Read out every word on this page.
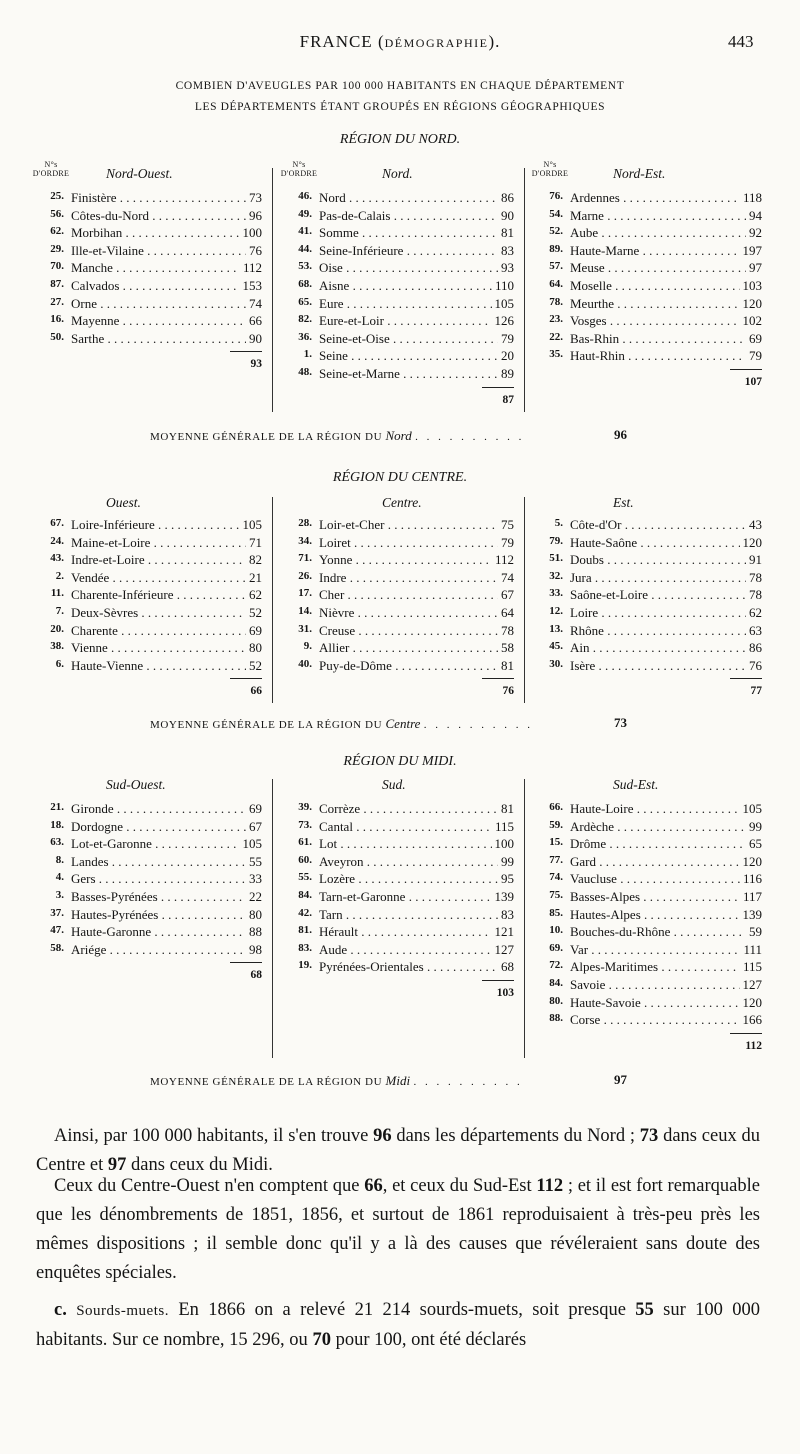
FRANCE (DÉMOGRAPHIE).	443
COMBIEN D'AVEUGLES PAR 100 000 HABITANTS EN CHAQUE DÉPARTEMENT
LES DÉPARTEMENTS ÉTANT GROUPÉS EN RÉGIONS GÉOGRAPHIQUES
RÉGION DU NORD.
N°s
D'ORDRE	Nord-Ouest.
25. Finistère . . .	73
56. Côtes-du-Nord . . .	96
62. Morbihan . . .	100
29. Ille-et-Vilaine . . .	76
70. Manche . . .	112
87. Calvados . . .	153
27. Orne . . .	74
16. Mayenne . . .	66
50. Sarthe . . .	90
93
N°s
D'ORDRE	Nord.
46. Nord . . .	86
49. Pas-de-Calais . . .	90
41. Somme . . .	81
44. Seine-Inférieure . . .	83
53. Oise . . .	93
68. Aisne . . .	110
65. Eure . . .	105
82. Eure-et-Loir . . .	126
36. Seine-et-Oise . . .	79
1. Seine . . .	20
48. Seine-et-Marne . . .	89
87
N°s
D'ORDRE	Nord-Est.
76. Ardennes . . .	118
54. Marne . . .	94
52. Aube . . .	92
89. Haute-Marne . . .	197
57. Meuse . . .	97
64. Moselle . . .	103
78. Meurthe . . .	120
23. Vosges . . .	102
22. Bas-Rhin . . .	69
35. Haut-Rhin . . .	79
107
MOYENNE GÉNÉRALE DE LA RÉGION DU Nord . . . . . . . . . .	96
RÉGION DU CENTRE.
Ouest.
67. Loire-Inférieure . . .	105
24. Maine-et-Loire . . .	71
43. Indre-et-Loire . . .	82
2. Vendée . . .	21
11. Charente-Inférieure . . .	62
7. Deux-Sèvres . . .	52
20. Charente . . .	69
38. Vienne . . .	80
6. Haute-Vienne . . .	52
66
Centre.
28. Loir-et-Cher . . .	75
34. Loiret . . .	79
71. Yonne . . .	112
26. Indre . . .	74
17. Cher . . .	67
14. Nièvre . . .	64
31. Creuse . . .	78
9. Allier . . .	58
40. Puy-de-Dôme . . .	81
76
Est.
5. Côte-d'Or . . .	43
79. Haute-Saône . . .	120
51. Doubs . . .	91
32. Jura . . .	78
33. Saône-et-Loire . . .	78
12. Loire . . .	62
13. Rhône . . .	63
45. Ain . . .	86
30. Isère . . .	76
77
MOYENNE GÉNÉRALE DE LA RÉGION DU Centre . . . . . . . . . .	73
RÉGION DU MIDI.
Sud-Ouest.
21. Gironde . . .	69
18. Dordogne . . .	67
63. Lot-et-Garonne . . .	105
8. Landes . . .	55
4. Gers . . .	33
3. Basses-Pyrénées . . .	22
37. Hautes-Pyrénées . . .	80
47. Haute-Garonne . . .	88
58. Ariége . . .	98
68
Sud.
39. Corrèze . . .	81
73. Cantal . . .	115
61. Lot . . .	100
60. Aveyron . . .	99
55. Lozère . . .	95
84. Tarn-et-Garonne . . .	139
42. Tarn . . .	83
81. Hérault . . .	121
83. Aude . . .	127
19. Pyrénées-Orientales . . .	68
103
Sud-Est.
66. Haute-Loire . . .	105
59. Ardèche . . .	99
15. Drôme . . .	65
77. Gard . . .	120
74. Vaucluse . . .	116
75. Basses-Alpes . . .	117
85. Hautes-Alpes . . .	139
10. Bouches-du-Rhône . . .	59
69. Var . . .	111
72. Alpes-Maritimes . . .	115
84. Savoie . . .	127
80. Haute-Savoie . . .	120
88. Corse . . .	166
112
MOYENNE GÉNÉRALE DE LA RÉGION DU Midi . . . . . . . . . .	97
Ainsi, par 100 000 habitants, il s'en trouve 96 dans les départements du Nord ; 73 dans ceux du Centre et 97 dans ceux du Midi.
Ceux du Centre-Ouest n'en comptent que 66, et ceux du Sud-Est 112 ; et il est fort remarquable que les dénombrements de 1851, 1856, et surtout de 1861 reproduisaient à très-peu près les mêmes dispositions ; il semble donc qu'il y a là des causes que révéleraient sans doute des enquêtes spéciales.
c. Sourds-muets. En 1866 on a relevé 21 214 sourds-muets, soit presque 55 sur 100 000 habitants. Sur ce nombre, 15 296, ou 70 pour 100, ont été déclarés
